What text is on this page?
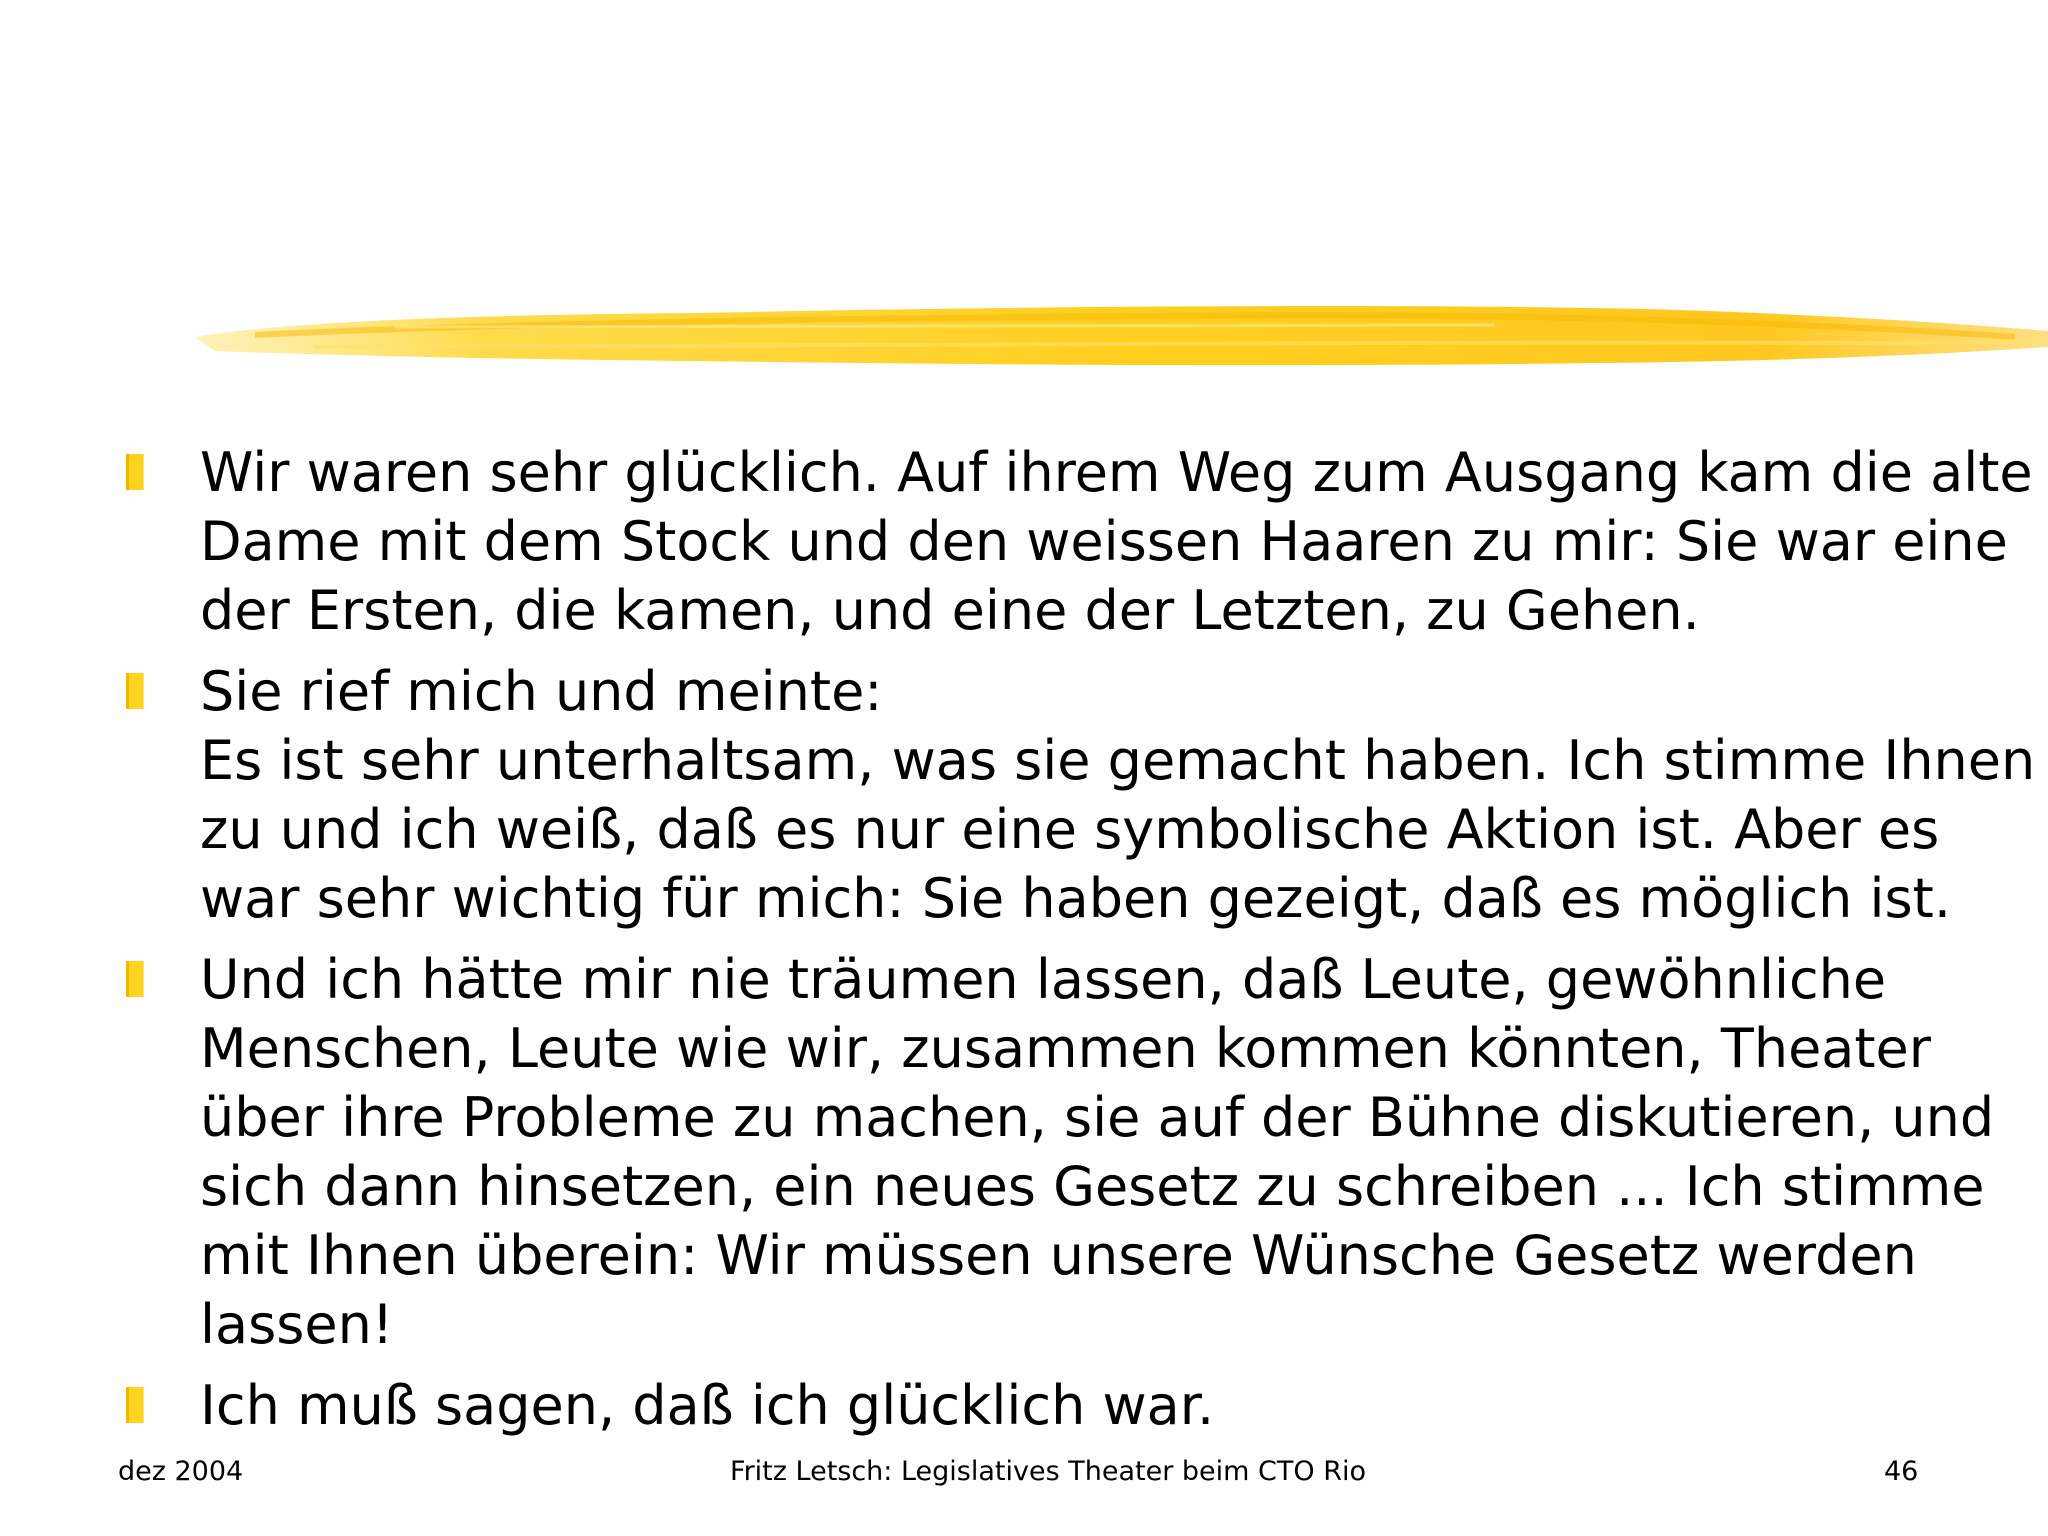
Wir waren sehr glücklich. Auf ihrem Weg zum Ausgang kam die alte
Dame mit dem Stock und den weissen Haaren zu mir: Sie war eine
der Ersten, die kamen, und eine der Letzten, zu Gehen.
Sie rief mich und meinte:
Es ist sehr unterhaltsam, was sie gemacht haben. Ich stimme Ihnen
zu und ich weiß, daß es nur eine symbolische Aktion ist. Aber es
war sehr wichtig für mich: Sie haben gezeigt, daß es möglich ist.
Und ich hätte mir nie träumen lassen, daß Leute, gewöhnliche
Menschen, Leute wie wir, zusammen kommen könnten, Theater
über ihre Probleme zu machen, sie auf der Bühne diskutieren, und
sich dann hinsetzen, ein neues Gesetz zu schreiben ... Ich stimme
mit Ihnen überein: Wir müssen unsere Wünsche Gesetz werden
lassen!
Ich muß sagen, daß ich glücklich war.
dez 2004	Fritz Letsch: Legislatives Theater beim CTO Rio	46
